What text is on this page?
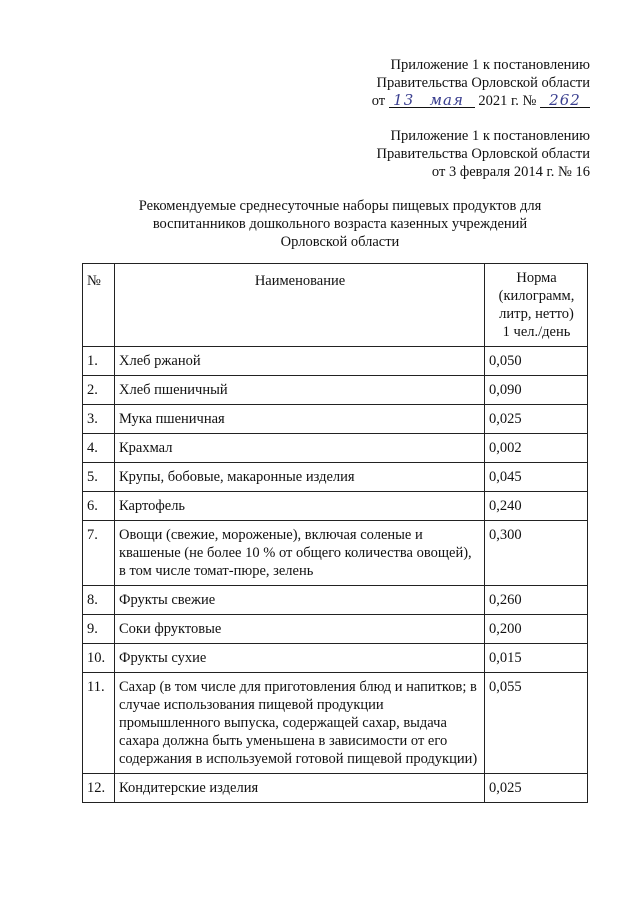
Приложение 1 к постановлению
Правительства Орловской области
от 13 мая 2021 г. № 262
Приложение 1 к постановлению
Правительства Орловской области
от 3 февраля 2014 г. № 16
Рекомендуемые среднесуточные наборы пищевых продуктов для
воспитанников дошкольного возраста казенных учреждений
Орловской области
№	Наименование	Норма
(килограмм,
литр, нетто)
1 чел./день

1.	Хлеб ржаной	0,050
2.	Хлеб пшеничный	0,090
3.	Мука пшеничная	0,025
4.	Крахмал	0,002
5.	Крупы, бобовые, макаронные изделия	0,045
6.	Картофель	0,240
7.	Овощи (свежие, мороженые), включая соленые и квашеные (не более 10 % от общего количества овощей), в том числе томат-пюре, зелень	0,300
8.	Фрукты свежие	0,260
9.	Соки фруктовые	0,200
10.	Фрукты сухие	0,015
11.	Сахар (в том числе для приготовления блюд и напитков; в случае использования пищевой продукции промышленного выпуска, содержащей сахар, выдача сахара должна быть уменьшена в зависимости от его содержания в используемой готовой пищевой продукции)	0,055
12.	Кондитерские изделия	0,025
